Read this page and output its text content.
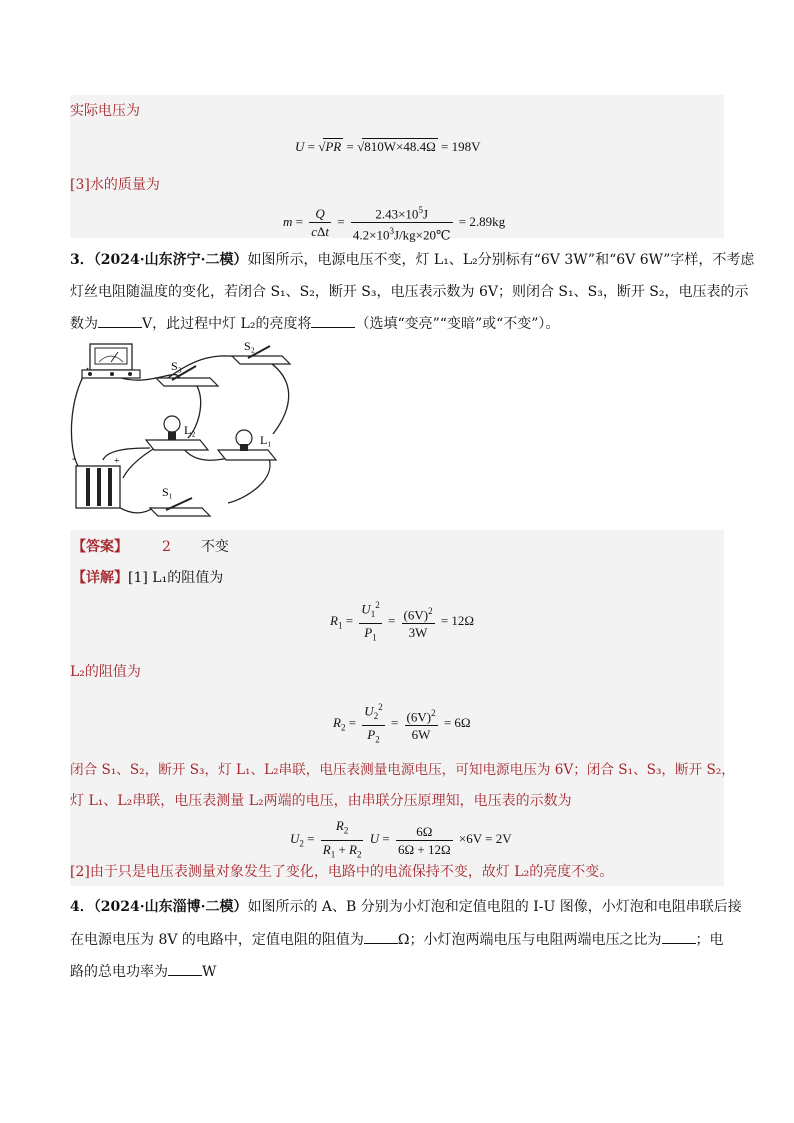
实际电压为
U = √PR = √810W×48.4Ω = 198V
[3]水的质量为
$m = \frac{Q}{\text{cΔt}} = \frac{2.43\times 10^5J}{4.2\times 10^3J/kg\times 20℃} = 2.89kg$
3．（2024·山东济宁·二模）如图所示，电源电压不变，灯 L₁、L₂分别标有“6V 3W”和“6V 6W”字样，不考虑
灯丝电阻随温度的变化，若闭合 S₁、S₂，断开 S₃，电压表示数为 6V；则闭合 S₁、S₃，断开 S₂，电压表的示
数为	V，此过程中灯 L₂的亮度将	（选填“变亮”“变暗”或“不变”）。
S₃
S₂
L₂
L₁
-	+
S₁
【答案】 2 不变
【详解】[1] L₁的阻值为
$R_1 = \frac{U_1^2}{P_1} = \frac{(6V)^2}{3W} = 12\Omega$
L₂的阻值为
$R_2 = \frac{U_2^2}{P_2} = \frac{(6V)^2}{6W} = 6\Omega$
闭合 S₁、S₂，断开 S₃，灯 L₁、L₂串联，电压表测量电源电压，可知电源电压为 6V；闭合 S₁、S₃，断开 S₂，
灯 L₁、L₂串联，电压表测量 L₂两端的电压，由串联分压原理知，电压表的示数为
$U_2 = \frac{R_2}{R_1 + R_2}$ $U = \frac{6\Omega}{6\Omega + 12\Omega} \times 6V = 2V$
[2]由于只是电压表测量对象发生了变化，电路中的电流保持不变，故灯 L₂的亮度不变。
4．（2024·山东淄博·二模）如图所示的 A、B 分别为小灯泡和定值电阻的 I-U 图像，小灯泡和电阻串联后接
在电源电压为 8V 的电路中，定值电阻的阻值为 Ω；小灯泡两端电压与电阻两端电压之比为 ；电
路的总电功率为 W
